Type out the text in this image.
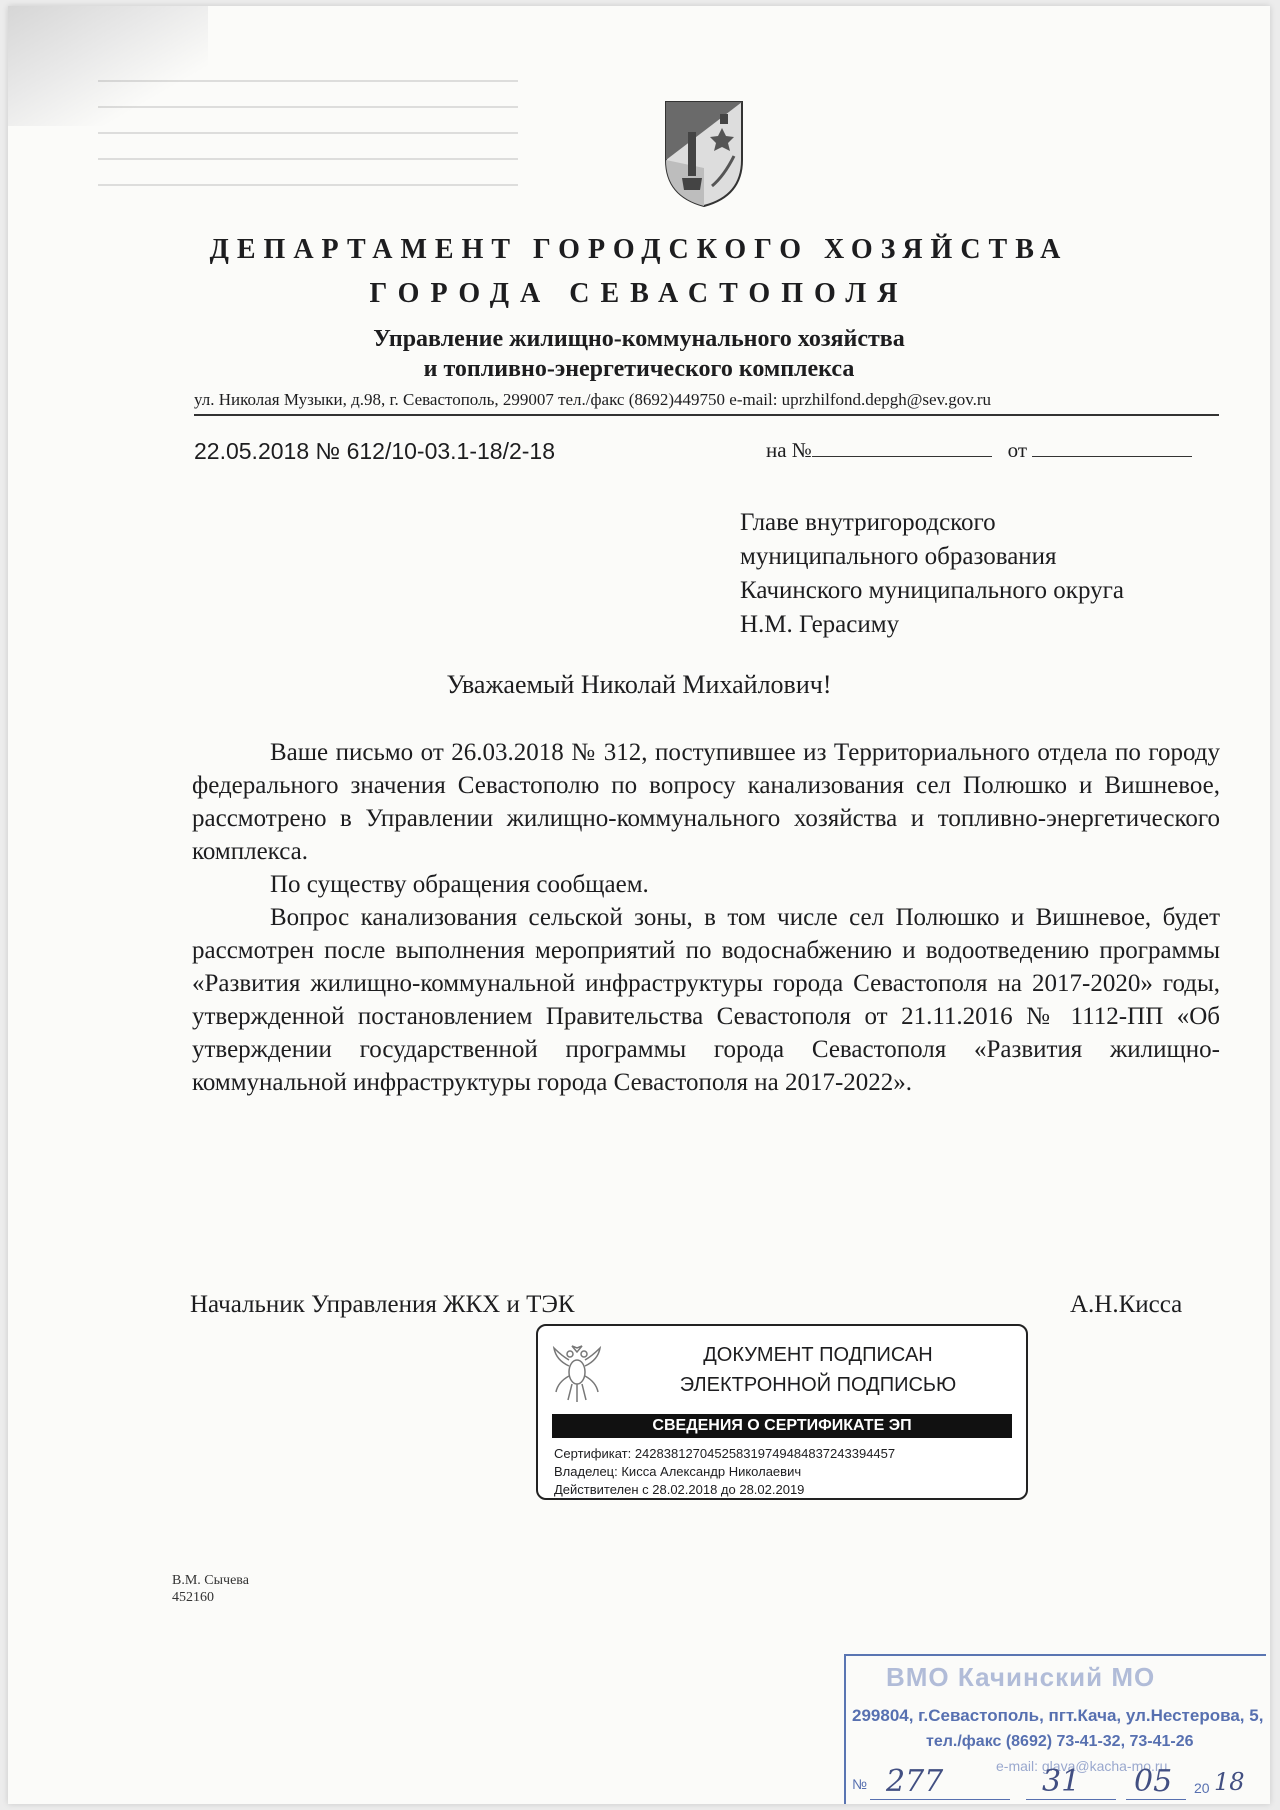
ДЕПАРТАМЕНТ ГОРОДСКОГО ХОЗЯЙСТВА
ГОРОДА СЕВАСТОПОЛЯ
Управление жилищно-коммунального хозяйства
и топливно-энергетического комплекса
ул. Николая Музыки, д.98, г. Севастополь, 299007 тел./факс (8692)449750 e-mail: uprzhilfond.depgh@sev.gov.ru
22.05.2018 № 612/10-03.1-18/2-18	на №	от
Главе внутригородского
муниципального образования
Качинского муниципального округа
Н.М. Герасиму
Уважаемый Николай Михайлович!

Ваше письмо от 26.03.2018 № 312, поступившее из Территориального отдела по городу федерального значения Севастополю по вопросу канализования сел Полюшко и Вишневое, рассмотрено в Управлении жилищно-коммунального хозяйства и топливно-энергетического комплекса.

По существу обращения сообщаем.

Вопрос канализования сельской зоны, в том числе сел Полюшко и Вишневое, будет рассмотрен после выполнения мероприятий по водоснабжению и водоотведению программы «Развития жилищно-коммунальной инфраструктуры города Севастополя на 2017-2020» годы, утвержденной постановлением Правительства Севастополя от 21.11.2016 № 1112-ПП «Об утверждении государственной программы города Севастополя «Развития жилищно-коммунальной инфраструктуры города Севастополя на 2017-2022».

Начальник Управления ЖКХ и ТЭК	А.Н.Кисса
ДОКУМЕНТ ПОДПИСАН
ЭЛЕКТРОННОЙ ПОДПИСЬЮ
СВЕДЕНИЯ О СЕРТИФИКАТЕ ЭП
Сертификат: 242838127045258319749484837243394457
Владелец: Кисса Александр Николаевич
Действителен с 28.02.2018 до 28.02.2019
В.М. Сычева
452160
ВМО Качинский МО
299804, г.Севастополь, пгт.Кача, ул.Нестерова, 5,
тел./факс (8692) 73-41-32, 73-41-26
e-mail: glava@kacha-mo.ru
№ 277	31 05 20 18
